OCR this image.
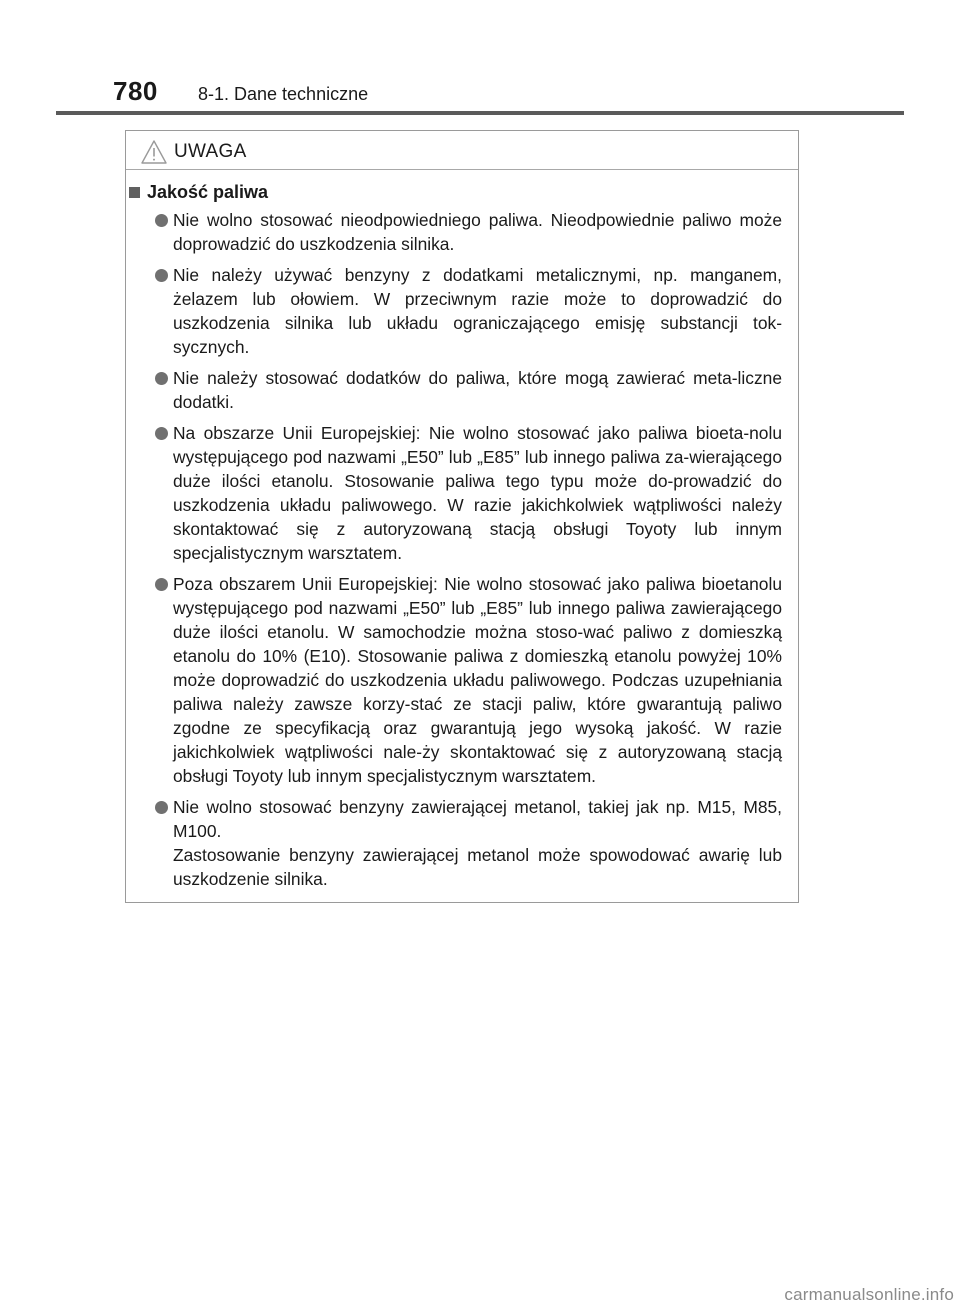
780 8-1. Dane techniczne
UWAGA
Jakość paliwa
Nie wolno stosować nieodpowiedniego paliwa. Nieodpowiednie paliwo może doprowadzić do uszkodzenia silnika.
Nie należy używać benzyny z dodatkami metalicznymi, np. manganem, żelazem lub ołowiem. W przeciwnym razie może to doprowadzić do uszkodzenia silnika lub układu ograniczającego emisję substancji tok-sycznych.
Nie należy stosować dodatków do paliwa, które mogą zawierać meta-liczne dodatki.
Na obszarze Unii Europejskiej: Nie wolno stosować jako paliwa bioeta-nolu występującego pod nazwami „E50” lub „E85” lub innego paliwa za-wierającego duże ilości etanolu. Stosowanie paliwa tego typu może do-prowadzić do uszkodzenia układu paliwowego. W razie jakichkolwiek wątpliwości należy skontaktować się z autoryzowaną stacją obsługi Toyoty lub innym specjalistycznym warsztatem.
Poza obszarem Unii Europejskiej: Nie wolno stosować jako paliwa bioetanolu występującego pod nazwami „E50” lub „E85” lub innego paliwa zawierającego duże ilości etanolu. W samochodzie można stoso-wać paliwo z domieszką etanolu do 10% (E10). Stosowanie paliwa z domieszką etanolu powyżej 10% może doprowadzić do uszkodzenia układu paliwowego. Podczas uzupełniania paliwa należy zawsze korzy-stać ze stacji paliw, które gwarantują paliwo zgodne ze specyfikacją oraz gwarantują jego wysoką jakość. W razie jakichkolwiek wątpliwości nale-ży skontaktować się z autoryzowaną stacją obsługi Toyoty lub innym specjalistycznym warsztatem.
Nie wolno stosować benzyny zawierającej metanol, takiej jak np. M15, M85, M100.
Zastosowanie benzyny zawierającej metanol może spowodować awarię lub uszkodzenie silnika.
carmanualsonline.info
